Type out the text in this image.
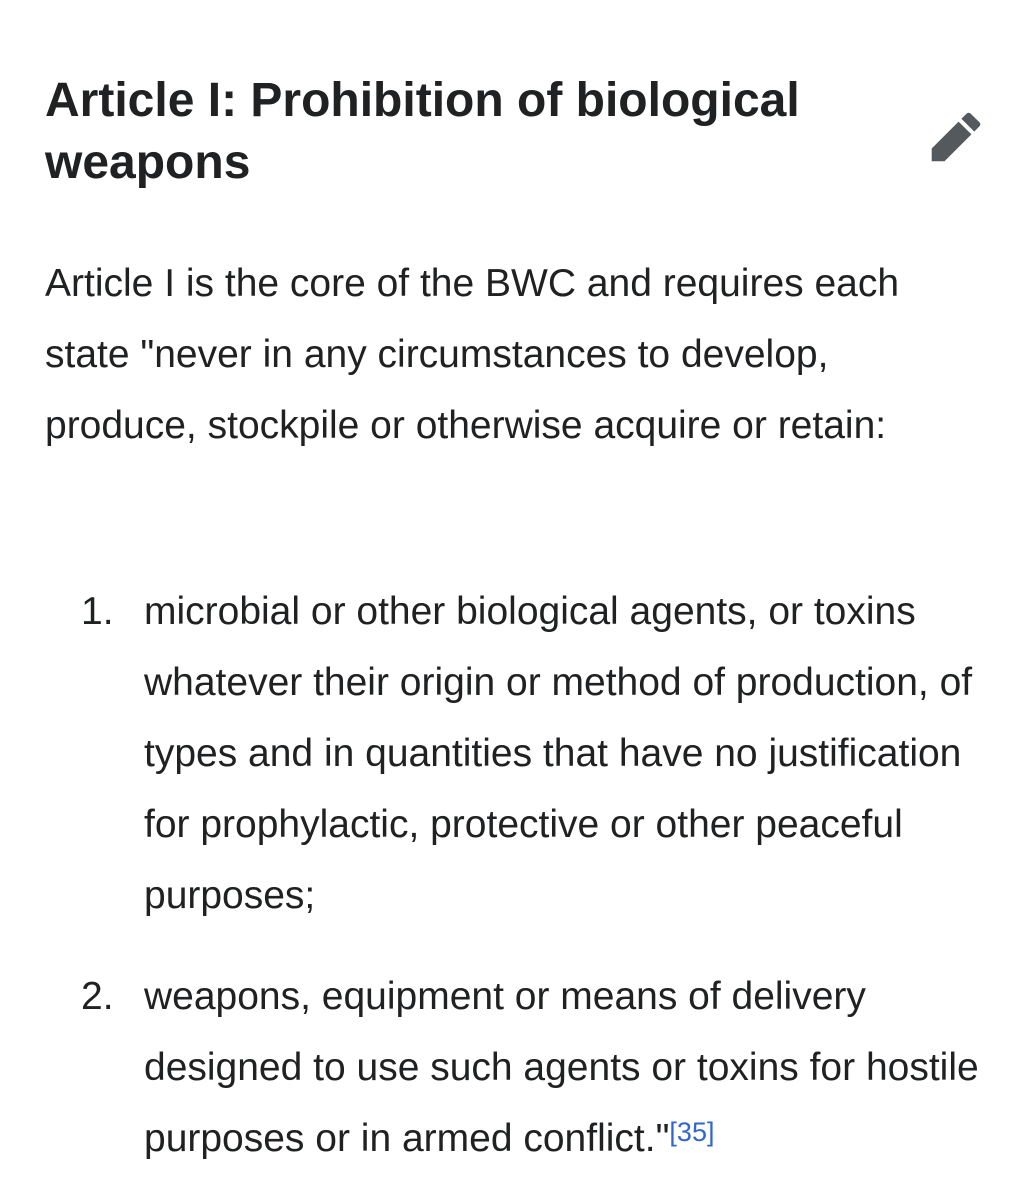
Article I: Prohibition of biological weapons

Article I is the core of the BWC and requires each state "never in any circumstances to develop, produce, stockpile or otherwise acquire or retain:

1. microbial or other biological agents, or toxins whatever their origin or method of production, of types and in quantities that have no justification for prophylactic, protective or other peaceful purposes;
2. weapons, equipment or means of delivery designed to use such agents or toxins for hostile purposes or in armed conflict."[35]
